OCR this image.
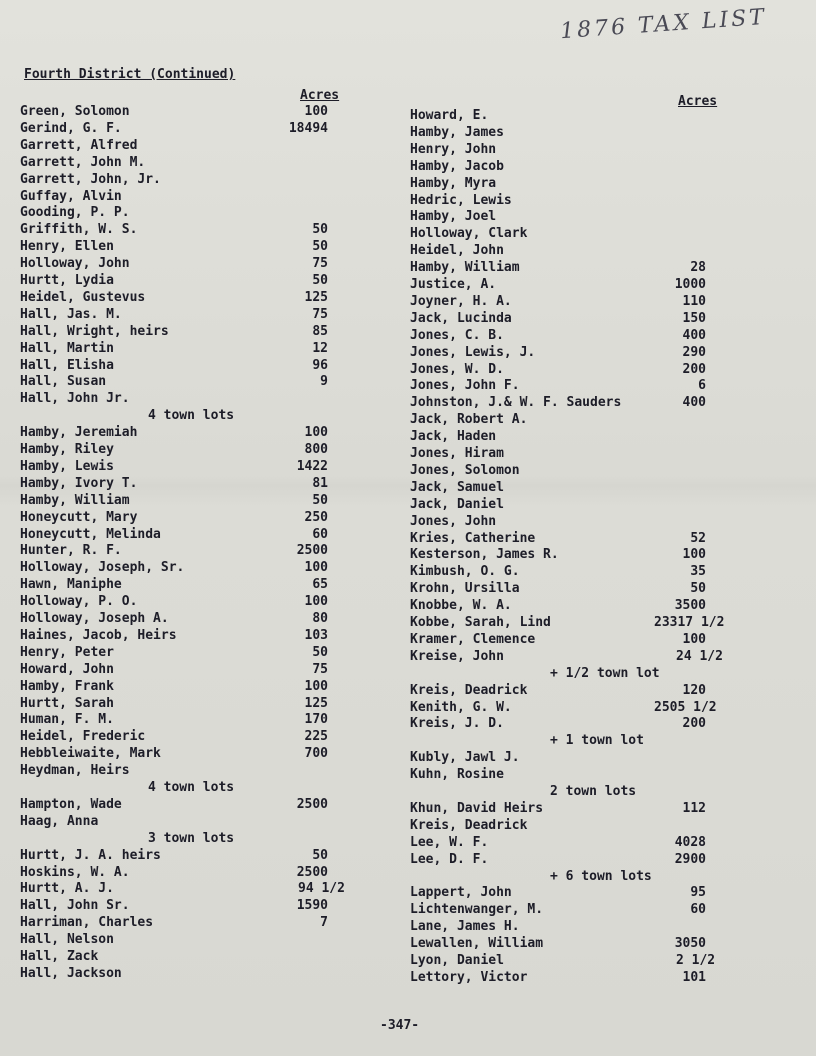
1876 TAX LIST
Fourth District (Continued)
Acres	Acres
Green, Solomon	100
Gerind, G. F.	18494
Garrett, Alfred
Garrett, John M.
Garrett, John, Jr.
Guffay, Alvin
Gooding, P. P.
Griffith, W. S.	50
Henry, Ellen	50
Holloway, John	75
Hurtt, Lydia	50
Heidel, Gustevus	125
Hall, Jas. M.	75
Hall, Wright, heirs	85
Hall, Martin	12
Hall, Elisha	96
Hall, Susan	9
Hall, John Jr.
4 town lots
Hamby, Jeremiah	100
Hamby, Riley	800
Hamby, Lewis	1422
Hamby, Ivory T.	81
Hamby, William	50
Honeycutt, Mary	250
Honeycutt, Melinda	60
Hunter, R. F.	2500
Holloway, Joseph, Sr.	100
Hawn, Maniphe	65
Holloway, P. O.	100
Holloway, Joseph A.	80
Haines, Jacob, Heirs	103
Henry, Peter	50
Howard, John	75
Hamby, Frank	100
Hurtt, Sarah	125
Human, F. M.	170
Heidel, Frederic	225
Hebbleiwaite, Mark	700
Heydman, Heirs
4 town lots
Hampton, Wade	2500
Haag, Anna
3 town lots
Hurtt, J. A. heirs	50
Hoskins, W. A.	2500
Hurtt, A. J.	94 1/2
Hall, John Sr.	1590
Harriman, Charles	7
Hall, Nelson
Hall, Zack
Hall, Jackson
Howard, E.
Hamby, James
Henry, John
Hamby, Jacob
Hamby, Myra
Hedric, Lewis
Hamby, Joel
Holloway, Clark
Heidel, John
Hamby, William	28
Justice, A.	1000
Joyner, H. A.	110
Jack, Lucinda	150
Jones, C. B.	400
Jones, Lewis, J.	290
Jones, W. D.	200
Jones, John F.	6
Johnston, J.& W. F. Sauders	400
Jack, Robert A.
Jack, Haden
Jones, Hiram
Jones, Solomon
Jack, Samuel
Jack, Daniel
Jones, John
Kries, Catherine	52
Kesterson, James R.	100
Kimbush, O. G.	35
Krohn, Ursilla	50
Knobbe, W. A.	3500
Kobbe, Sarah, Lind	23317 1/2
Kramer, Clemence	100
Kreise, John	24 1/2
+ 1/2 town lot
Kreis, Deadrick	120
Kenith, G. W.	2505 1/2
Kreis, J. D.	200
+ 1 town lot
Kubly, Jawl J.
Kuhn, Rosine
2 town lots
Khun, David Heirs	112
Kreis, Deadrick
Lee, W. F.	4028
Lee, D. F.	2900
+ 6 town lots
Lappert, John	95
Lichtenwanger, M.	60
Lane, James H.
Lewallen, William	3050
Lyon, Daniel	2 1/2
Lettory, Victor	101
-347-
